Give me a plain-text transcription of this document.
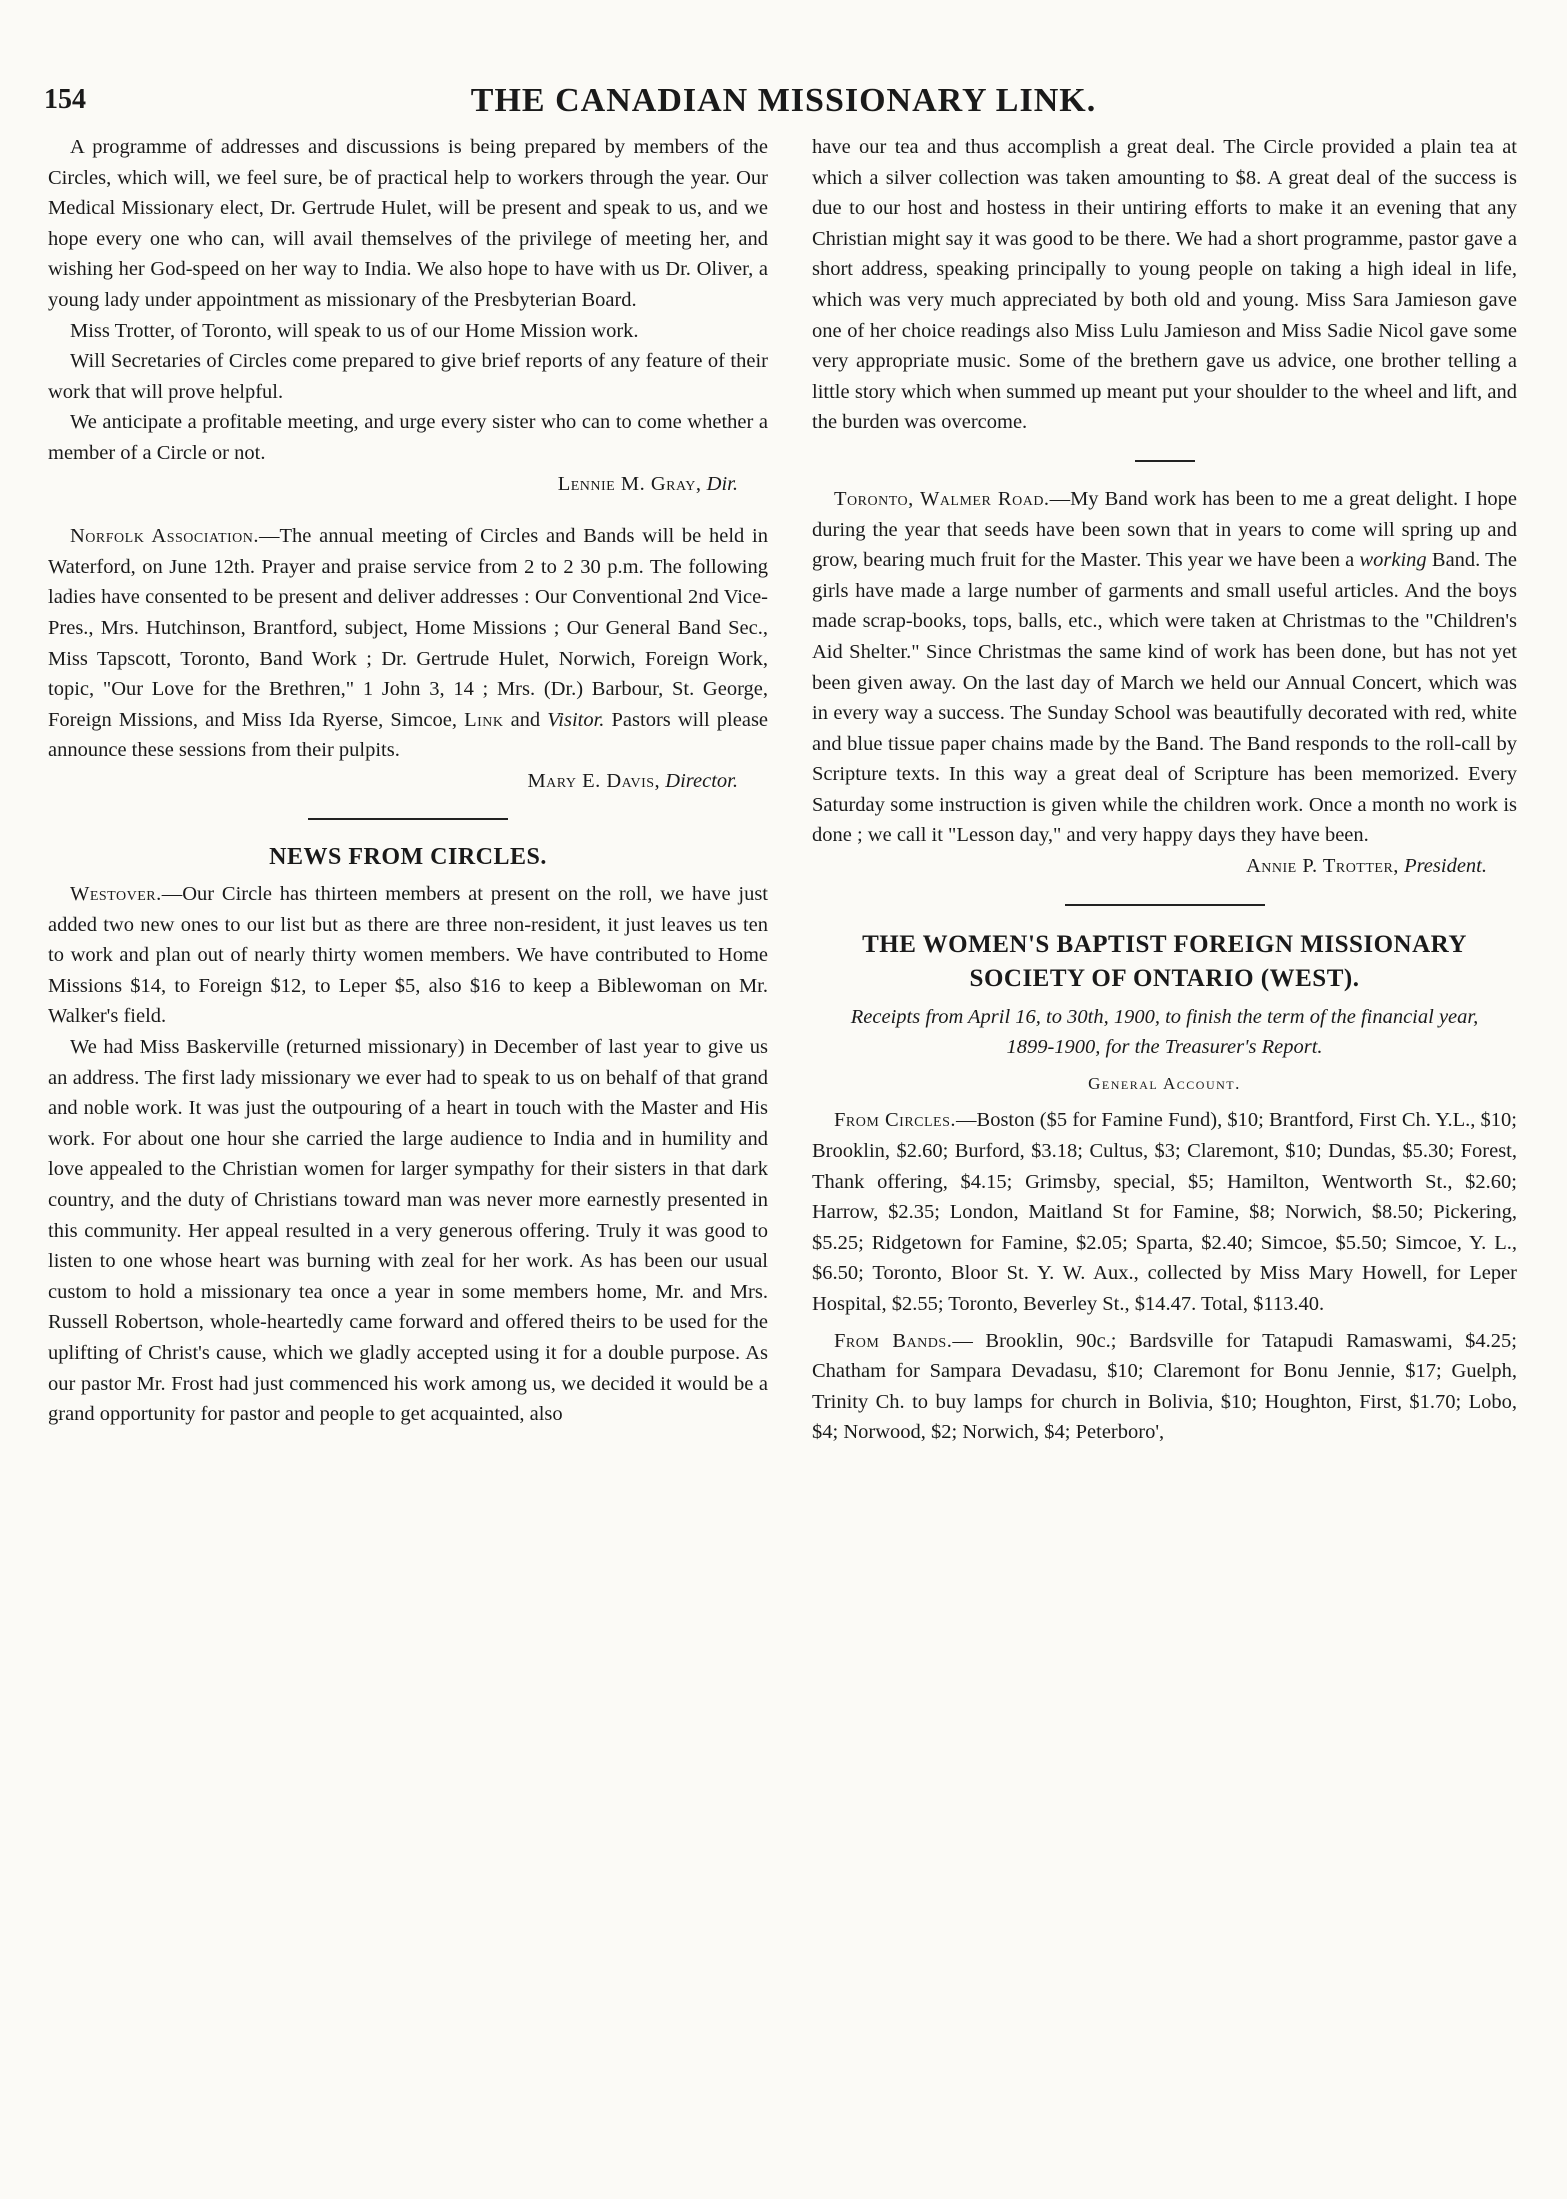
154	THE CANADIAN MISSIONARY LINK.

A programme of addresses and discussions is being prepared by members of the Circles, which will, we feel sure, be of practical help to workers through the year. Our Medical Missionary elect, Dr. Gertrude Hulet, will be present and speak to us, and we hope every one who can, will avail themselves of the privilege of meeting her, and wishing her God-speed on her way to India. We also hope to have with us Dr. Oliver, a young lady under appointment as missionary of the Presbyterian Board.

Miss Trotter, of Toronto, will speak to us of our Home Mission work.

Will Secretaries of Circles come prepared to give brief reports of any feature of their work that will prove helpful.

We anticipate a profitable meeting, and urge every sister who can to come whether a member of a Circle or not.

Lennie M. Gray, Dir.

Norfolk Association.—The annual meeting of Circles and Bands will be held in Waterford, on June 12th. Prayer and praise service from 2 to 2 30 p.m. The following ladies have consented to be present and deliver addresses : Our Conventional 2nd Vice-Pres., Mrs. Hutchinson, Brantford, subject, Home Missions ; Our General Band Sec., Miss Tapscott, Toronto, Band Work ; Dr. Gertrude Hulet, Norwich, Foreign Work, topic, "Our Love for the Brethren," 1 John 3, 14 ; Mrs. (Dr.) Barbour, St. George, Foreign Missions, and Miss Ida Ryerse, Simcoe, Link and Visitor. Pastors will please announce these sessions from their pulpits.

Mary E. Davis, Director.

NEWS FROM CIRCLES.

Westover.—Our Circle has thirteen members at present on the roll, we have just added two new ones to our list but as there are three non-resident, it just leaves us ten to work and plan out of nearly thirty women members. We have contributed to Home Missions $14, to Foreign $12, to Leper $5, also $16 to keep a Biblewoman on Mr. Walker's field.

We had Miss Baskerville (returned missionary) in December of last year to give us an address. The first lady missionary we ever had to speak to us on behalf of that grand and noble work. It was just the outpouring of a heart in touch with the Master and His work. For about one hour she carried the large audience to India and in humility and love appealed to the Christian women for larger sympathy for their sisters in that dark country, and the duty of Christians toward man was never more earnestly presented in this community. Her appeal resulted in a very generous offering. Truly it was good to listen to one whose heart was burning with zeal for her work. As has been our usual custom to hold a missionary tea once a year in some members home, Mr. and Mrs. Russell Robertson, whole-heartedly came forward and offered theirs to be used for the uplifting of Christ's cause, which we gladly accepted using it for a double purpose. As our pastor Mr. Frost had just commenced his work among us, we decided it would be a grand opportunity for pastor and people to get acquainted, also

have our tea and thus accomplish a great deal. The Circle provided a plain tea at which a silver collection was taken amounting to $8. A great deal of the success is due to our host and hostess in their untiring efforts to make it an evening that any Christian might say it was good to be there. We had a short programme, pastor gave a short address, speaking principally to young people on taking a high ideal in life, which was very much appreciated by both old and young. Miss Sara Jamieson gave one of her choice readings also Miss Lulu Jamieson and Miss Sadie Nicol gave some very appropriate music. Some of the brethern gave us advice, one brother telling a little story which when summed up meant put your shoulder to the wheel and lift, and the burden was overcome.

Toronto, Walmer Road.—My Band work has been to me a great delight. I hope during the year that seeds have been sown that in years to come will spring up and grow, bearing much fruit for the Master. This year we have been a working Band. The girls have made a large number of garments and small useful articles. And the boys made scrap-books, tops, balls, etc., which were taken at Christmas to the "Children's Aid Shelter." Since Christmas the same kind of work has been done, but has not yet been given away. On the last day of March we held our Annual Concert, which was in every way a success. The Sunday School was beautifully decorated with red, white and blue tissue paper chains made by the Band. The Band responds to the roll-call by Scripture texts. In this way a great deal of Scripture has been memorized. Every Saturday some instruction is given while the children work. Once a month no work is done ; we call it "Lesson day," and very happy days they have been.

Annie P. Trotter, President.

THE WOMEN'S BAPTIST FOREIGN MISSIONARY SOCIETY OF ONTARIO (WEST).

Receipts from April 16, to 30th, 1900, to finish the term of the financial year, 1899-1900, for the Treasurer's Report.

General Account.

From Circles.—Boston ($5 for Famine Fund), $10; Brantford, First Ch. Y.L., $10; Brooklin, $2.60; Burford, $3.18; Cultus, $3; Claremont, $10; Dundas, $5.30; Forest, Thank offering, $4.15; Grimsby, special, $5; Hamilton, Wentworth St., $2.60; Harrow, $2.35; London, Maitland St for Famine, $8; Norwich, $8.50; Pickering, $5.25; Ridgetown for Famine, $2.05; Sparta, $2.40; Simcoe, $5.50; Simcoe, Y. L., $6.50; Toronto, Bloor St. Y. W. Aux., collected by Miss Mary Howell, for Leper Hospital, $2.55; Toronto, Beverley St., $14.47. Total, $113.40.

From Bands.— Brooklin, 90c.; Bardsville for Tatapudi Ramaswami, $4.25; Chatham for Sampara Devadasu, $10; Claremont for Bonu Jennie, $17; Guelph, Trinity Ch. to buy lamps for church in Bolivia, $10; Houghton, First, $1.70; Lobo, $4; Norwood, $2; Norwich, $4; Peterboro',
